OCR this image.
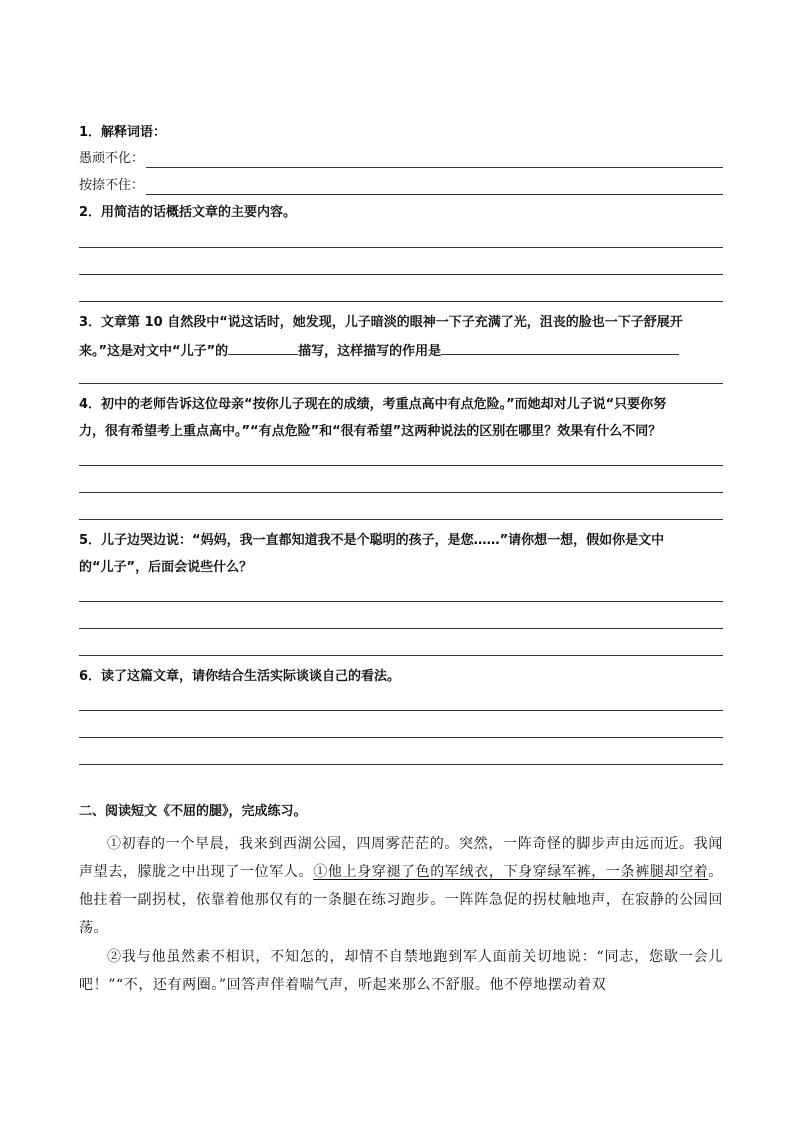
1．解释词语：
愚顽不化：
按捺不住：
2．用简洁的话概括文章的主要内容。
3．文章第 10 自然段中“说这话时，她发现，儿子暗淡的眼神一下子充满了光，沮丧的脸也一下子舒展开
来。”这是对文中“儿子”的	描写，这样描写的作用是
4．初中的老师告诉这位母亲“按你儿子现在的成绩，考重点高中有点危险。”而她却对儿子说“只要你努
力，很有希望考上重点高中。”“有点危险”和“很有希望”这两种说法的区别在哪里？效果有什么不同？
5．儿子边哭边说：“妈妈，我一直都知道我不是个聪明的孩子，是您……”请你想一想，假如你是文中
的“儿子”，后面会说些什么？
6．读了这篇文章，请你结合生活实际谈谈自己的看法。
二、阅读短文《不屈的腿》，完成练习。
①初春的一个早晨，我来到西湖公园，四周雾茫茫的。突然，一阵奇怪的脚步声由远而近。我闻声望去，朦胧之中出现了一位军人。①他上身穿褪了色的军绒衣，下身穿绿军裤，一条裤腿却空着。他拄着一副拐杖，依靠着他那仅有的一条腿在练习跑步。一阵阵急促的拐杖触地声，在寂静的公园回荡。
②我与他虽然素不相识，不知怎的，却情不自禁地跑到军人面前关切地说：“同志，您歇一会儿吧！”“不，还有两圈。”回答声伴着喘气声，听起来那么不舒服。他不停地摆动着双
